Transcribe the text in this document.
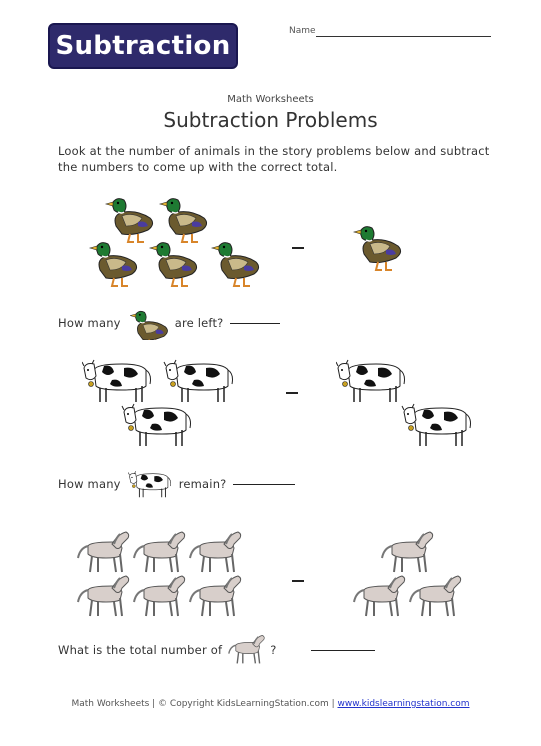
Subtraction	Name
Math Worksheets
Subtraction Problems
Look at the number of animals in the story problems below and subtract the numbers to come up with the correct total.
How many	are left?
How many	remain?
What is the total number of	?
Math Worksheets | © Copyright KidsLearningStation.com | www.kidslearningstation.com
